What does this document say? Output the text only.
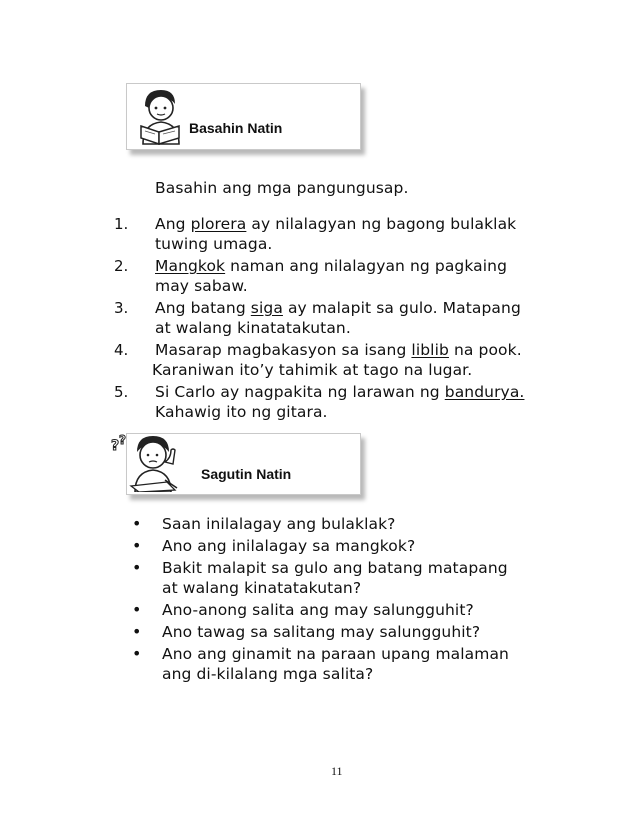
Basahin Natin
Basahin ang mga pangungusap.
1. Ang plorera ay nilalagyan ng bagong bulaklak
tuwing umaga.
2. Mangkok naman ang nilalagyan ng pagkaing
may sabaw.
3. Ang batang siga ay malapit sa gulo. Matapang
at walang kinatatakutan.
4. Masarap magbakasyon sa isang liblib na pook.
Karaniwan ito’y tahimik at tago na lugar.
5. Si Carlo ay nagpakita ng larawan ng bandurya.
Kahawig ito ng gitara.
? ?
Sagutin Natin
• Saan inilalagay ang bulaklak?
• Ano ang inilalagay sa mangkok?
• Bakit malapit sa gulo ang batang matapang
at walang kinatatakutan?
• Ano-anong salita ang may salungguhit?
• Ano tawag sa salitang may salungguhit?
• Ano ang ginamit na paraan upang malaman
ang di-kilalang mga salita?
11
